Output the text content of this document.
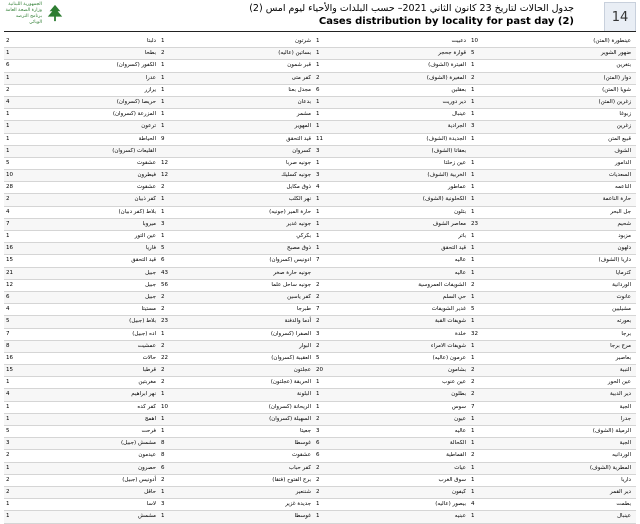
الجمهورية اللبنانية
وزارة الصحة العامة
برنامج الترصد الوبائي
جدول الحالات لتاريخ 23 كانون الثاني 2021– حسب البلدات والأحياء ليوم امس (2)
Cases distribution by locality for past day (2)	14
عينطورة (المتن)
10
دعبيت
1
شرتون
1
دلبتا
2
ضهور الشوير
5
قوارة جحجر
1
بساتين (عاليه)
2
بطحا
1
بتغرين
1
الفيترة (الشوف)
1
قبر شمون
1
الكفور (كسروان)
6
دوار (المتن)
2
المغيرة (الشوف)
2
كفر متى
1
عدرا
1
شويا (المتن)
1
بعقلين
6
مجدل بعنا
1
يرازر
2
زغرين (المتن)
1
دير دوريت
1
بدعان
1
حريصا (كسروان)
4
زبوغا
1
عينبال
1
مشمر
1
المزرعة (كسروان)
1
زغرين
3
الجرادية
1
المهوير
1
ترعون
1
قبيع المتن
1
الجديدة (الشوف)
11
قيد التحقق
9
الحياطة
1
الشوف
بعقاتا (الشوف)
3
كسروان
القليعات (كسروان)
1
الدامور
1
عين زحلتا
1
جونيه صربا
12
عشقوت
5
السعديات
1
الخربية (الشوف)
3
جونيه كسليك
12
فيطرون
10
الناعمه
1
عماطور
4
ذوق مكايل
2
عشقوت
28
حارة الناعمة
1
الكحلونية (الشوف)
1
نهر الكلب
1
كفر ذبيان
2
جل البحر
1
بتلون
1
حارة المير (جونيه)
1
بلاط (كفر دبيان)
4
شحيم
23
معاصر الشوف
1
جونيه غدير
3
ميروبا
7
مزبود
1
باتر
1
بكركي
1
عين التور
1
دلهون
1
قيد التحقق
1
ذوق مصبح
5
فاريا
16
داريا (الشوف)
1
عاليه
7
ادونيس (كسروان)
6
قيد التحقق
15
كترمايا
1
عاليه
جونيه حارة صخر
43
جبيل
21
الوردانية
2
الشويفات العمروسية
2
جونيه ساحل علما
56
جبيل
12
عانوت
1
حي السلم
2
كفر ياسين
2
جبيل
6
مشيليين
5
غدير الشويفات
7
طبرجا
2
مستيتا
4
بعورته
1
شويفات القبة
2
أدما والدفنة
23
بلاط (جبيل)
5
برجا
32
خلدة
3
الصفرا (كسروان)
1
اده (جبيل)
7
مرج برجا
1
شويفات الامراء
2
البوار
2
عمشيت
8
بعاصير
1
عرمون (عاليه)
5
العقيبة (كسروان)
22
حالات
16
النبية
2
بشامون
20
عجلتون
2
قرطبا
15
عين الحور
2
عين عنوب
1
الحريقة (عجلتون)
2
مغربتين
1
دير الدبية
2
بطلون
1
البلونة
1
نهر ابراهيم
4
الجية
7
سوس
1
الريحانة (كسروان)
10
كفر كده
1
جدرا
1
عيون
2
السهيلة (كسروان)
1
اهمج
1
الرميلة (الشوف)
1
عاليه
3
جعيتا
1
فرحت
5
الجية
1
الكحالة
6
غوسطا
8
مشمش (جبيل)
3
الوردانيه
2
القماطية
6
عشقوت
8
عيدمون
2
المطرية (الشوف)
1
عيات
2
كفر حباب
6
حصرون
1
داريا
1
سوق الغرب
2
برج الفتوح (فتقا)
2
أدونيس (جبيل)
2
دير القمر
1
كيفون
2
شننعير
1
حاقل
2
بطمت
4
بيصور (عاليه)
1
جديدة غزير
3
لاسا
1
عينبال
1
عبنيه
1
غوسطا
1
مشمش
1
